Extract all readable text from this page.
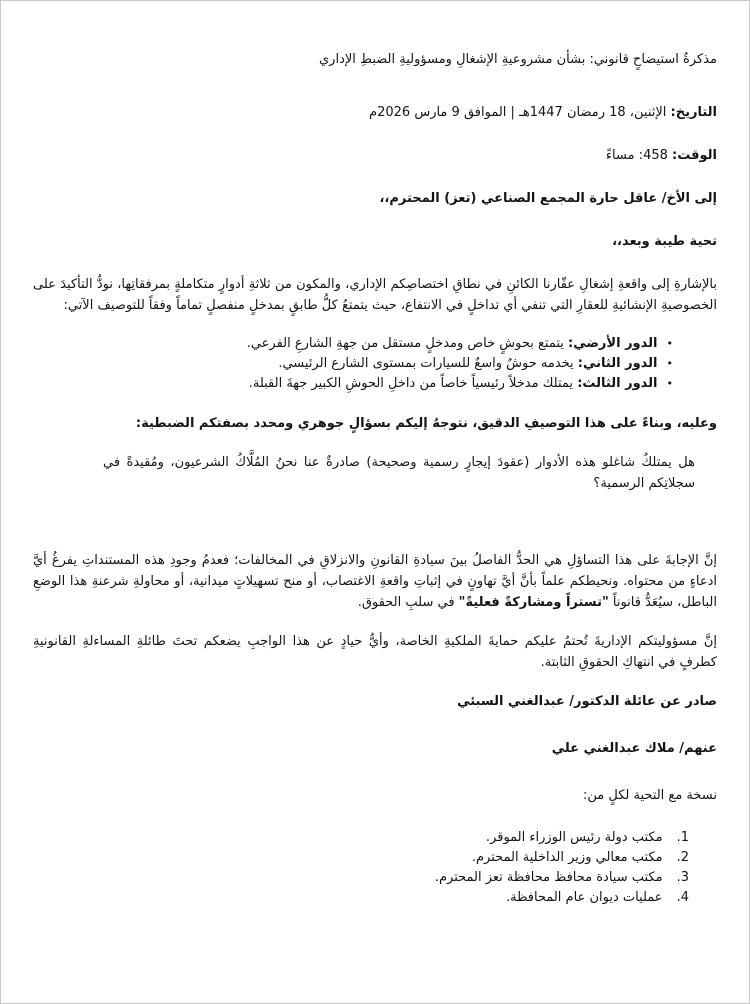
مذكرةُ استيضاحٍ قانوني: بشأن مشروعيةِ الإشغالِ ومسؤوليةِ الضبطِ الإداري
التاريخ: الإثنين، 18 رمضان 1447هـ | الموافق 9 مارس 2026م
الوقت: 458: مساءً
إلى الأخ/ عاقل حارة المجمع الصناعي (تعز) المحترم،،
تحية طيبة وبعد،،

بالإشارةِ إلى واقعةِ إشغالِ عقّارنا الكائنِ في نطاقِ اختصاصِكم الإداري، والمكون من ثلاثةِ أدوارٍ متكاملةٍ بمرفقاتِها، نودُّ التأكيدَ على الخصوصيةِ الإنشائيةِ للعقارِ التي تنفي أي تداخلٍ في الانتفاع، حيث يتمتعُ كلُّ طابقٍ بمدخلٍ منفصلٍ تماماً وفقاً للتوصيف الآتي:

•
الدور الأرضي: يتمتع بحوشٍ خاص ومدخلٍ مستقل من جهةِ الشارعِ الفرعي.
•
الدور الثاني: يخدمه حوشٌ واسعٌ للسيارات بمستوى الشارع الرئيسي.
•
الدور الثالث: يمتلك مدخلاً رئيسياً خاصاً من داخلِ الحوشِ الكبير جهةَ القبلة.
وعليه، وبناءً على هذا التوصيفِ الدقيق، نتوجهُ إليكم بسؤالٍ جوهري ومحدد بصفتكم الضبطية:

هل يمتلكُ شاغلو هذه الأدوار (عقودَ إيجارٍ رسمية وصحيحة) صادرةٌ عنا نحنُ المُلَّاكُ الشرعيون، ومُقيدةً في سجلاتِكم الرسمية؟

إنَّ الإجابةَ على هذا التساؤلِ هي الحدُّ الفاصلُ بينَ سيادةِ القانونِ والانزلاقِ في المخالفات؛ فعدمُ وجودِ هذه المستنداتِ يفرغُ أيَّ ادعاءٍ من محتواه. ونحيطكم علماً بأنَّ أيَّ تهاونٍ في إثباتِ واقعةِ الاغتصاب، أو منح تسهيلاتٍ ميدانية، أو محاولةِ شرعنةِ هذا الوضعِ الباطل، سيُعَدُّ قانوناً "تستراً ومشاركةً فعليةً" في سلبِ الحقوق.

إنَّ مسؤوليتكم الإداريةَ تُحتمُ عليكم حمايةَ الملكيةِ الخاصة، وأيُّ حيادٍ عن هذا الواجبِ يضعكم تحتَ طائلةِ المساءلةِ القانونيةِ كطرفٍ في انتهاكِ الحقوقِ الثابتة.

صادر عن عائلة الدكتور/ عبدالغني السبئي
عنهم/ ملاك عبدالغني علي
نسخة مع التحية لكلٍ من:
1.
مكتب دولة رئيس الوزراء الموقر.
2.
مكتب معالي وزير الداخلية المحترم.
3.
مكتب سيادة محافظ محافظة تعز المحترم.
4.
عمليات ديوان عام المحافظة.
